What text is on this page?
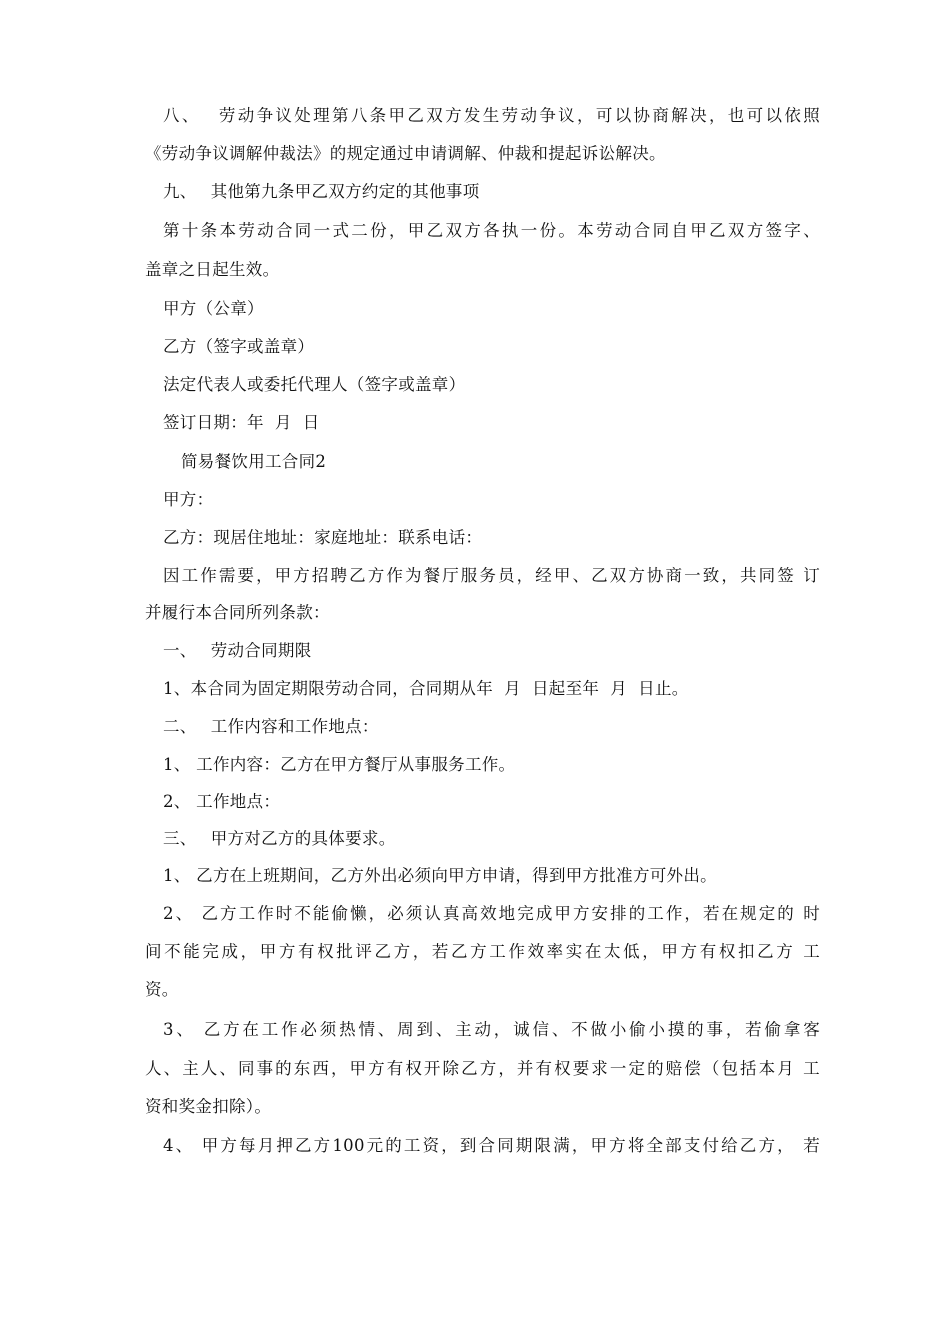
八、　 劳动争议处理第八条甲乙双方发生劳动争议，可以协商解决，也可以依照
《劳动争议调解仲裁法》的规定通过申请调解、仲裁和提起诉讼解决。
九、　 其他第九条甲乙双方约定的其他事项
第十条本劳动合同一式二份，甲乙双方各执一份。本劳动合同自甲乙双方签字、
盖章之日起生效。
甲方（公章）
乙方（签字或盖章）
法定代表人或委托代理人（签字或盖章）
签订日期：年  月  日
简易餐饮用工合同2
甲方：
乙方：现居住地址：家庭地址：联系电话：
因工作需要，甲方招聘乙方作为餐厅服务员，经甲、乙双方协商一致，共同签 订
并履行本合同所列条款：
一、　 劳动合同期限
1、本合同为固定期限劳动合同，合同期从年  月  日起至年  月  日止。
二、　 工作内容和工作地点：
1、 工作内容：乙方在甲方餐厅从事服务工作。
2、 工作地点：
三、　 甲方对乙方的具体要求。
1、 乙方在上班期间，乙方外出必须向甲方申请，得到甲方批准方可外出。
2、 乙方工作时不能偷懒，必须认真高效地完成甲方安排的工作，若在规定的 时
间不能完成，甲方有权批评乙方，若乙方工作效率实在太低，甲方有权扣乙方 工
资。
3、 乙方在工作必须热情、周到、主动，诚信、不做小偷小摸的事，若偷拿客
人、主人、同事的东西，甲方有权开除乙方，并有权要求一定的赔偿（包括本月 工
资和奖金扣除）。
4、 甲方每月押乙方100元的工资，到合同期限满，甲方将全部支付给乙方， 若
